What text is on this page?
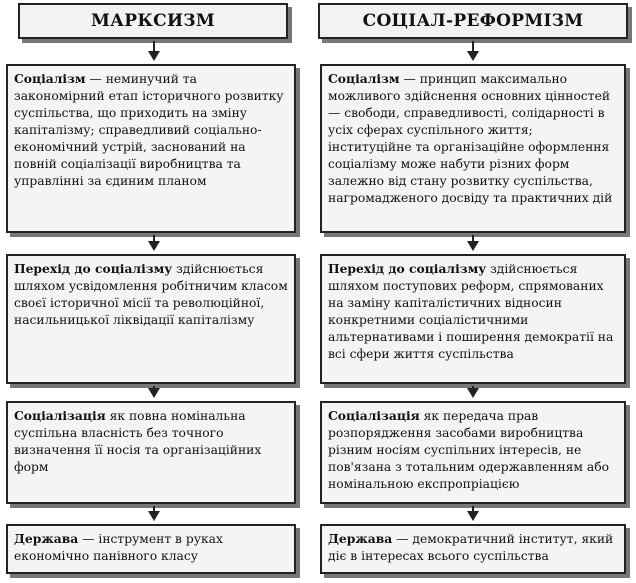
МАРКСИЗМ
Соціалізм — неминучий та закономірний етап історичного розвитку суспільства, що приходить на зміну капіталізму; справедливий соціально-економічний устрій, заснований на повній соціалізації виробництва та управлінні за єдиним планом
Перехід до соціалізму здійснюється шляхом усвідомлення робітничим класом своєї історичної місії та революційної, насильницької ліквідації капіталізму
Соціалізація як повна номінальна суспільна власність без точного визначення її носія та організаційних форм
Держава — інструмент в руках економічно панівного класу
СОЦІАЛ-РЕФОРМІЗМ
Соціалізм — принцип максимально можливого здійснення основних цінностей — свободи, справедливості, солідарності в усіх сферах суспільного життя; інституційне та організаційне оформлення соціалізму може набути різних форм залежно від стану розвитку суспільства, нагромадженого досвіду та практичних дій
Перехід до соціалізму здійснюється шляхом поступових реформ, спрямованих на заміну капіталістичних відносин конкретними соціалістичними альтернативами і поширення демократії на всі сфери життя суспільства
Соціалізація як передача прав розпорядження засобами виробництва різним носіям суспільних інтересів, не пов'язана з тотальним одержавленням або номінальною експропріацією
Держава — демократичний інститут, який діє в інтересах всього суспільства
